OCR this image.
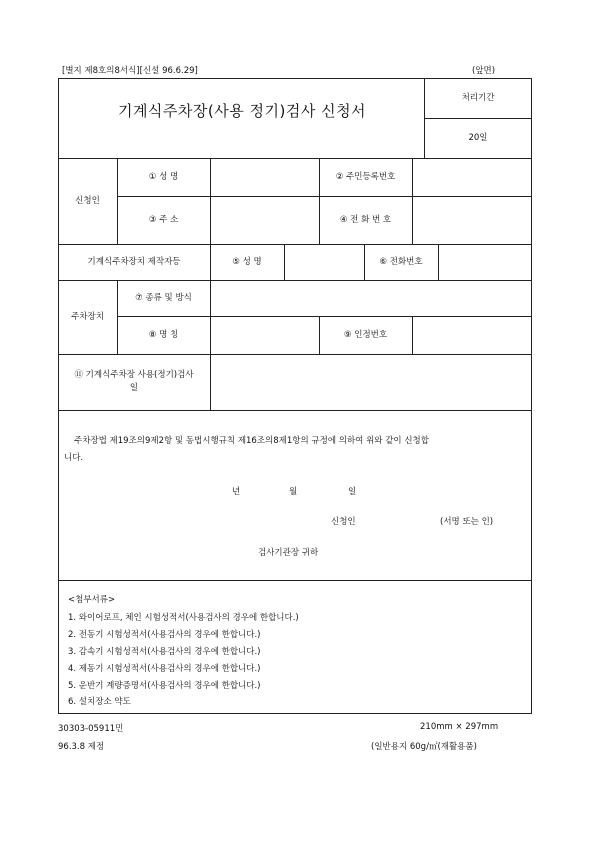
[별지 제8호의8서식][신설 96.6.29]	(앞면)
기계식주차장(사용 정기)검사 신청서
처리기간
20일
신청인
① 성 명	② 주민등록번호
③ 주 소	④ 전 화 번 호
기계식주차장치 제작자등	⑤ 성 명	⑥ 전화번호
주차장치
⑦ 종류 및 방식
⑧ 명 칭	⑨ 인정번호
⑪ 기계식주차장 사용(정기)검사
일
주차장법 제19조의9제2항 및 동법시행규칙 제16조의8제1항의 규정에 의하여 위와 같이 신청합
니다.
년	월	일
신청인	(서명 또는 인)
검사기관장 귀하
<첨부서류>
1. 와이어로프, 체인 시험성적서(사용검사의 경우에 한합니다.)
2. 전동기 시험성적서(사용검사의 경우에 한합니다.)
3. 감속기 시험성적서(사용검사의 경우에 한합니다.)
4. 제동기 시험성적서(사용검사의 경우에 한합니다.)
5. 운반기 계량증명서(사용검사의 경우에 한합니다.)
6. 설치장소 약도
30303-05911민	210mm × 297mm
96.3.8 제정	(일반용지 60g/㎡(재활용품)
